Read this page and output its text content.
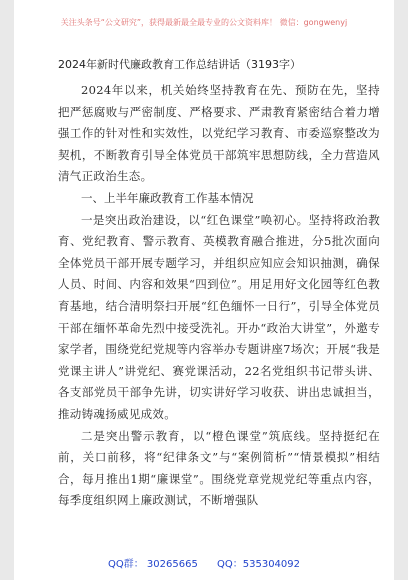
关注头条号“公文研究”，获得最新最全最专业的公文资料库！ 微信：gongwenyj
2024年新时代廉政教育工作总结讲话（3193字）

2024年以来，机关始终坚持教育在先、预防在先，坚持把严惩腐败与严密制度、严格要求、严肃教育紧密结合着力增强工作的针对性和实效性，以党纪学习教育、市委巡察整改为契机，不断教育引导全体党员干部筑牢思想防线，全力营造风清气正政治生态。

一、上半年廉政教育工作基本情况

一是突出政治建设，以“红色课堂”唤初心。坚持将政治教育、党纪教育、警示教育、英模教育融合推进，分5批次面向全体党员干部开展专题学习，并组织应知应会知识抽测，确保人员、时间、内容和效果“四到位”。用足用好文化园等红色教育基地，结合清明祭扫开展“红色缅怀一日行”，引导全体党员干部在缅怀革命先烈中接受洗礼。开办“政治大讲堂”，外邀专家学者，围绕党纪党规等内容举办专题讲座7场次；开展“我是党课主讲人”讲党纪、赛党课活动，22名党组织书记带头讲、各支部党员干部争先讲，切实讲好学习收获、讲出忠诚担当，推动铸魂扬威见成效。

二是突出警示教育，以“橙色课堂”筑底线。坚持挺纪在前，关口前移，将“纪律条文”与“案例简析”“情景模拟”相结合，每月推出1期“廉课堂”。围绕党章党规党纪等重点内容，每季度组织网上廉政测试，不断增强队

QQ群： 30265665 QQ：535304092
